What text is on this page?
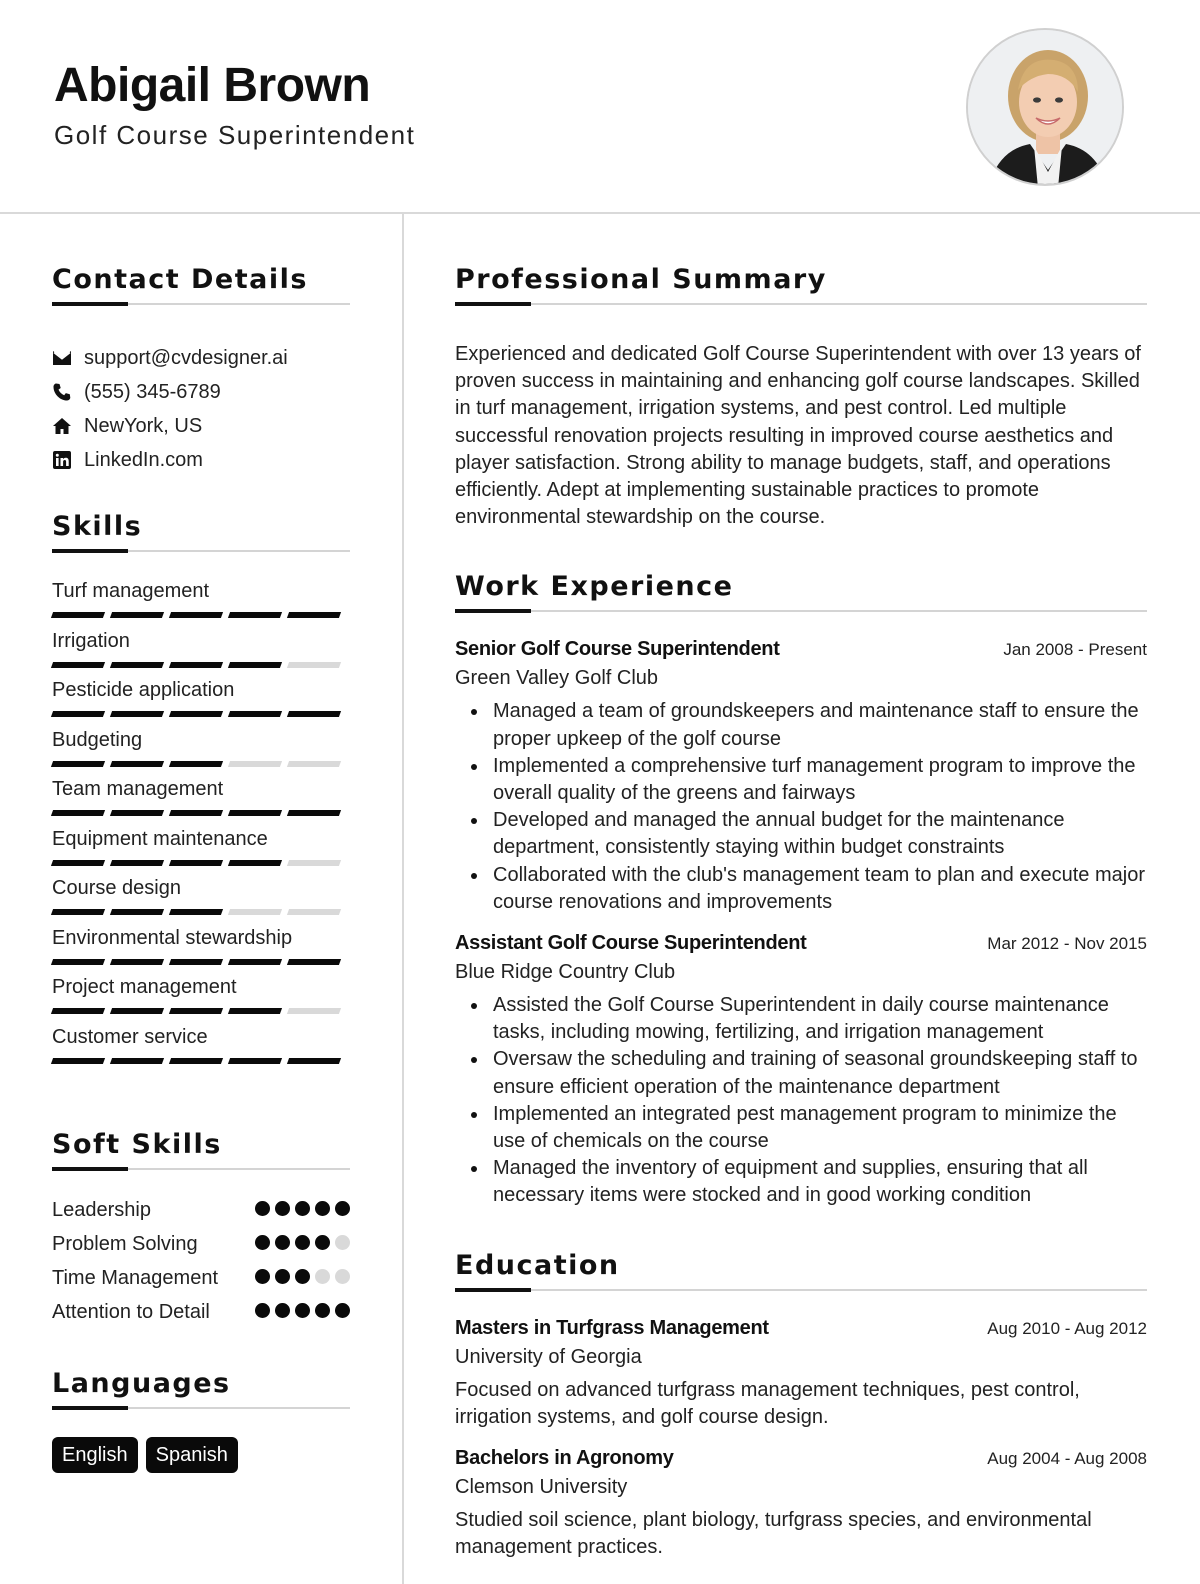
Abigail Brown
Golf Course Superintendent
Contact Details
support@cvdesigner.ai
(555) 345-6789
NewYork, US
LinkedIn.com
Skills
Turf management
Irrigation
Pesticide application
Budgeting
Team management
Equipment maintenance
Course design
Environmental stewardship
Project management
Customer service
Soft Skills
Leadership
Problem Solving
Time Management
Attention to Detail
Languages
English	Spanish
Professional Summary

Experienced and dedicated Golf Course Superintendent with over 13 years of proven success in maintaining and enhancing golf course landscapes. Skilled in turf management, irrigation systems, and pest control. Led multiple successful renovation projects resulting in improved course aesthetics and player satisfaction. Strong ability to manage budgets, staff, and operations efficiently. Adept at implementing sustainable practices to promote environmental stewardship on the course.

Work Experience
Senior Golf Course Superintendent	Jan 2008 - Present
Green Valley Golf Club
Managed a team of groundskeepers and maintenance staff to ensure the proper upkeep of the golf course
Implemented a comprehensive turf management program to improve the overall quality of the greens and fairways
Developed and managed the annual budget for the maintenance department, consistently staying within budget constraints
Collaborated with the club's management team to plan and execute major course renovations and improvements
Assistant Golf Course Superintendent	Mar 2012 - Nov 2015
Blue Ridge Country Club
Assisted the Golf Course Superintendent in daily course maintenance tasks, including mowing, fertilizing, and irrigation management
Oversaw the scheduling and training of seasonal groundskeeping staff to ensure efficient operation of the maintenance department
Implemented an integrated pest management program to minimize the use of chemicals on the course
Managed the inventory of equipment and supplies, ensuring that all necessary items were stocked and in good working condition
Education
Masters in Turfgrass Management	Aug 2010 - Aug 2012
University of Georgia

Focused on advanced turfgrass management techniques, pest control, irrigation systems, and golf course design.

Bachelors in Agronomy	Aug 2004 - Aug 2008
Clemson University

Studied soil science, plant biology, turfgrass species, and environmental management practices.
